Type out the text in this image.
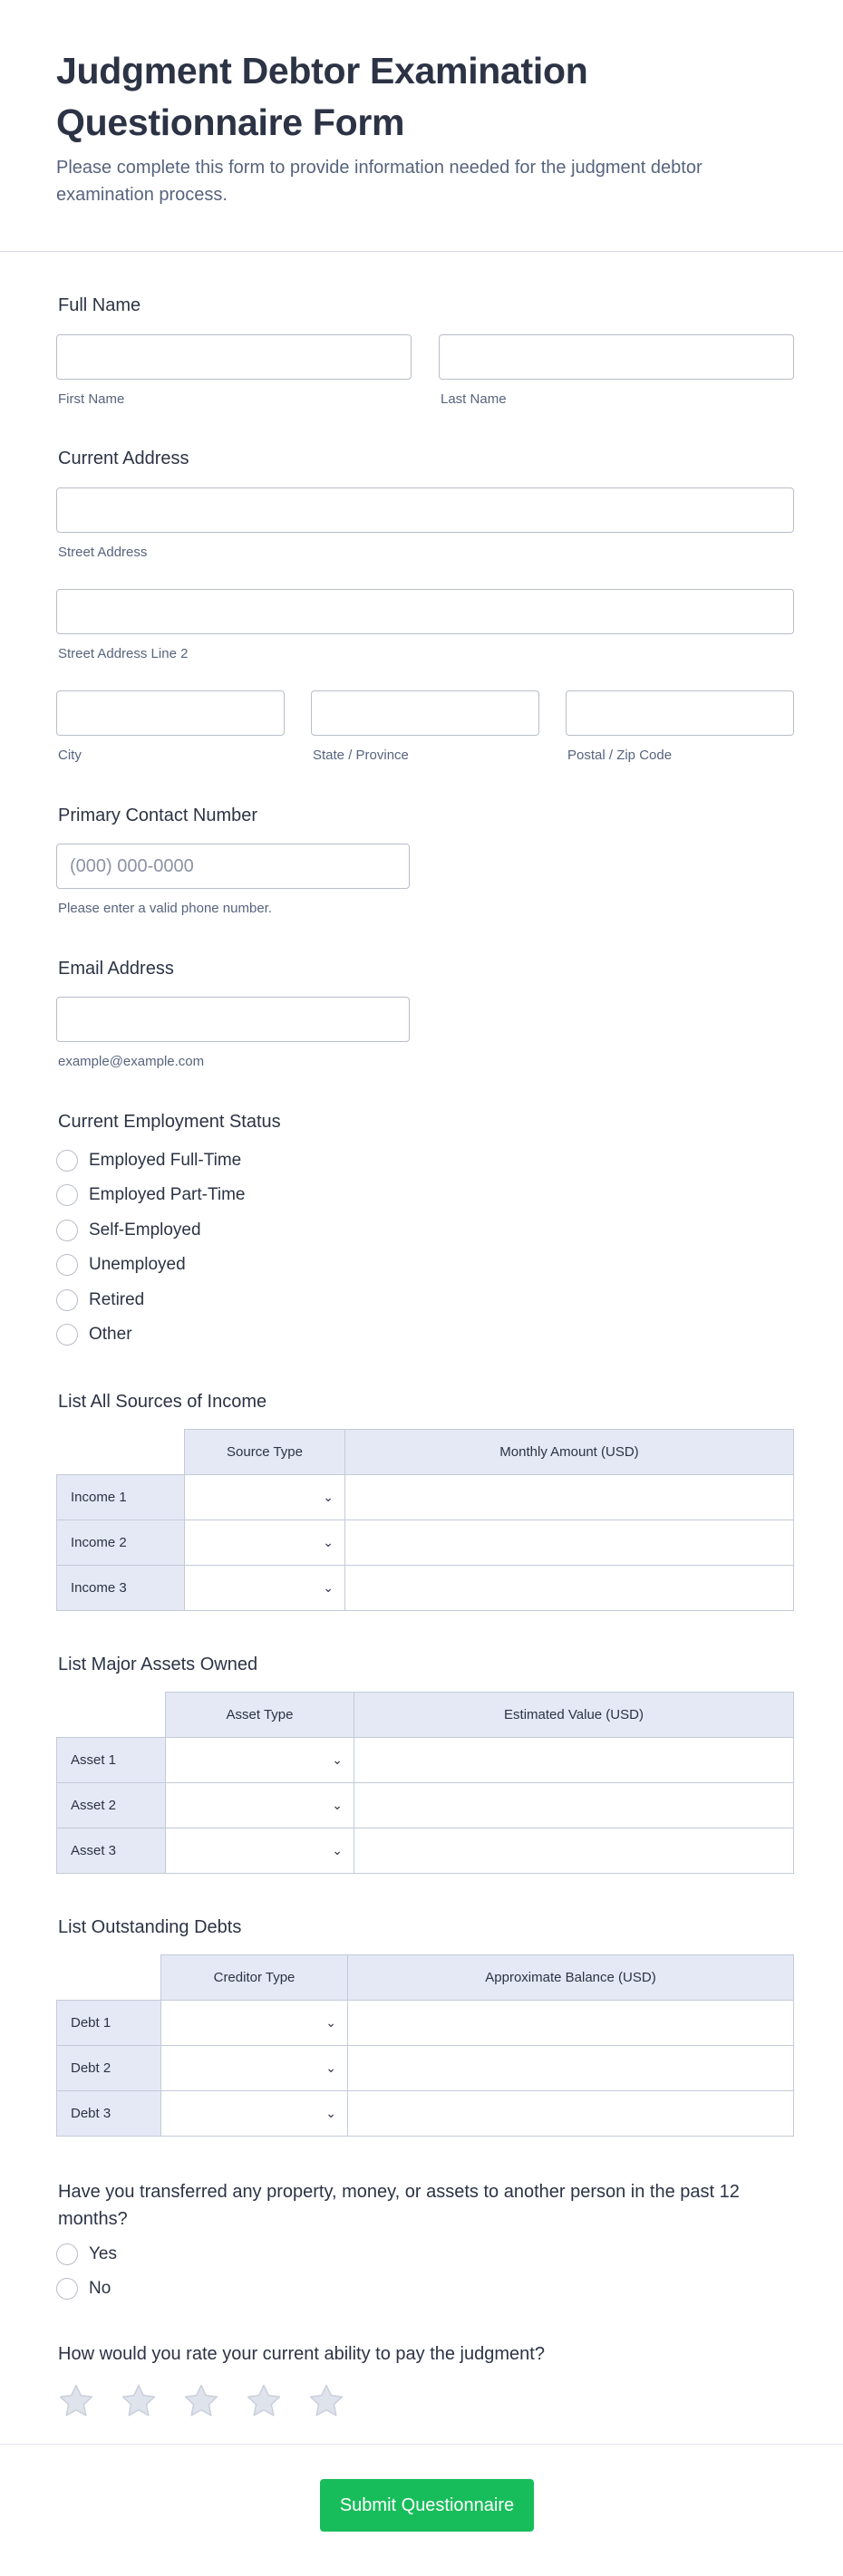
Judgment Debtor Examination Questionnaire Form
Please complete this form to provide information needed for the judgment debtor examination process.
Full Name
First Name	Last Name
Current Address
Street Address
Street Address Line 2
City	State / Province	Postal / Zip Code
Primary Contact Number
(000) 000-0000
Please enter a valid phone number.
Email Address
example@example.com
Current Employment Status
Employed Full-Time
Employed Part-Time
Self-Employed
Unemployed
Retired
Other
List All Sources of Income
	Source Type	Monthly Amount (USD)
Income 1	⌄	

Income 2	⌄	

Income 3	⌄	

List Major Assets Owned
	Asset Type	Estimated Value (USD)
Asset 1	⌄	

Asset 2	⌄	

Asset 3	⌄	

List Outstanding Debts
	Creditor Type	Approximate Balance (USD)
Debt 1	⌄	

Debt 2	⌄	

Debt 3	⌄	

Have you transferred any property, money, or assets to another person in the past 12 months?
Yes
No
How would you rate your current ability to pay the judgment?
Submit Questionnaire
